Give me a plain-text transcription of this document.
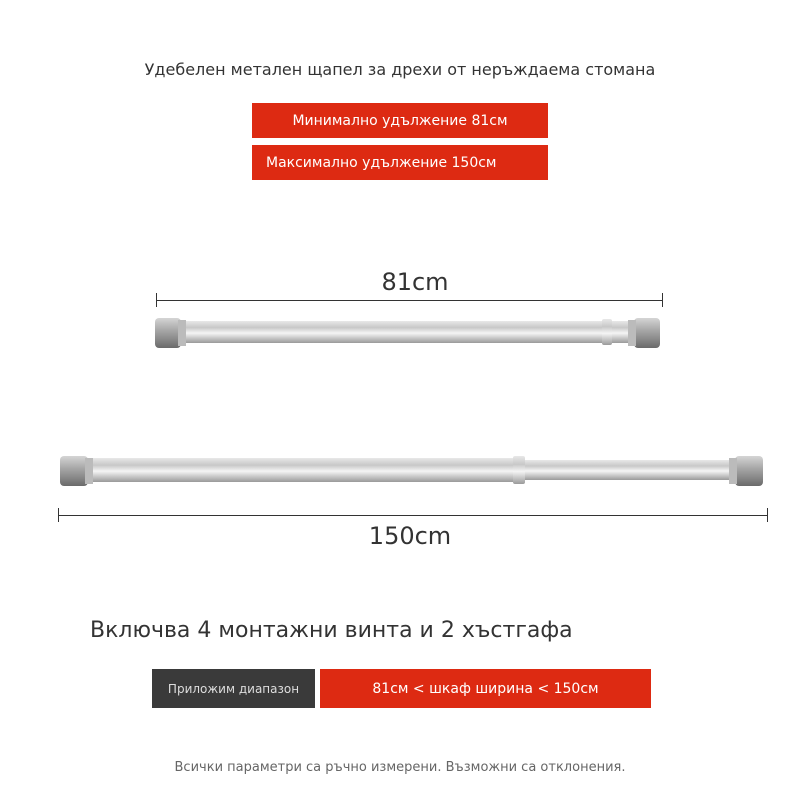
Удебелен метален щапел за дрехи от неръждаема стомана
Минимално удължение 81см
Максимално удължение 150см
81cm
150cm
Включва 4 монтажни винта и 2 хъстгафа
Приложим диапазон	81см < шкаф ширина < 150см
Всички параметри са ръчно измерени. Възможни са отклонения.
